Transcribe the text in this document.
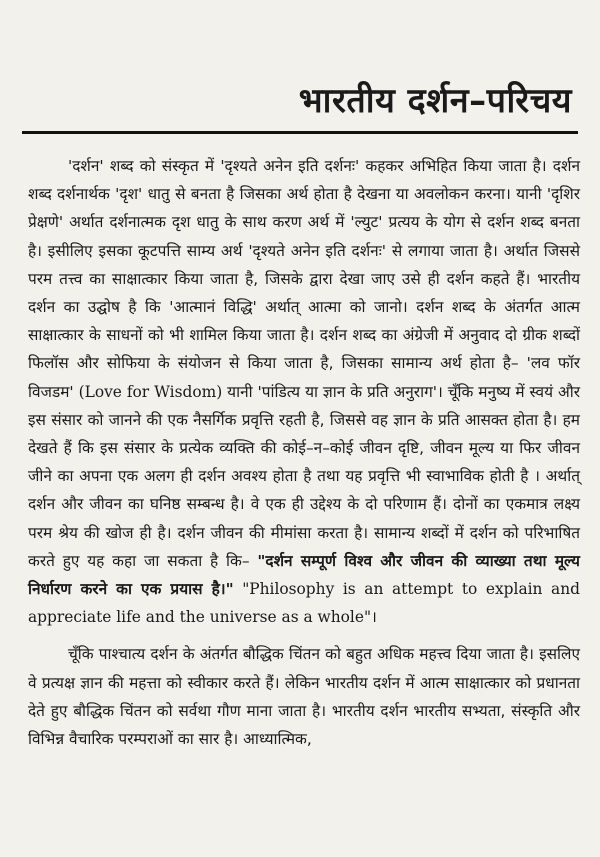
भारतीय दर्शन–परिचय

'दर्शन' शब्द को संस्कृत में 'दृश्यते अनेन इति दर्शनः' कहकर अभिहित किया जाता है। दर्शन शब्द दर्शनार्थक 'दृश' धातु से बनता है जिसका अर्थ होता है देखना या अवलोकन करना। यानी 'दृशिर प्रेक्षणे' अर्थात दर्शनात्मक दृश धातु के साथ करण अर्थ में 'ल्युट' प्रत्यय के योग से दर्शन शब्द बनता है। इसीलिए इसका कूटपत्ति साम्य अर्थ 'दृश्यते अनेन इति दर्शनः' से लगाया जाता है। अर्थात जिससे परम तत्त्व का साक्षात्कार किया जाता है, जिसके द्वारा देखा जाए उसे ही दर्शन कहते हैं। भारतीय दर्शन का उद्घोष है कि 'आत्मानं विद्धि' अर्थात् आत्मा को जानो। दर्शन शब्द के अंतर्गत आत्म साक्षात्कार के साधनों को भी शामिल किया जाता है। दर्शन शब्द का अंग्रेजी में अनुवाद दो ग्रीक शब्दों फिलॉस और सोफिया के संयोजन से किया जाता है, जिसका सामान्य अर्थ होता है– 'लव फॉर विजडम' (Love for Wisdom) यानी 'पांडित्य या ज्ञान के प्रति अनुराग'। चूँकि मनुष्य में स्वयं और इस संसार को जानने की एक नैसर्गिक प्रवृत्ति रहती है, जिससे वह ज्ञान के प्रति आसक्त होता है। हम देखते हैं कि इस संसार के प्रत्येक व्यक्ति की कोई–न–कोई जीवन दृष्टि, जीवन मूल्य या फिर जीवन जीने का अपना एक अलग ही दर्शन अवश्य होता है तथा यह प्रवृत्ति भी स्वाभाविक होती है । अर्थात् दर्शन और जीवन का घनिष्ठ सम्बन्ध है। वे एक ही उद्देश्य के दो परिणाम हैं। दोनों का एकमात्र लक्ष्य परम श्रेय की खोज ही है। दर्शन जीवन की मीमांसा करता है। सामान्य शब्दों में दर्शन को परिभाषित करते हुए यह कहा जा सकता है कि– "दर्शन सम्पूर्ण विश्व और जीवन की व्याख्या तथा मूल्य निर्धारण करने का एक प्रयास है।" "Philosophy is an attempt to explain and appreciate life and the universe as a whole"।

चूँकि पाश्चात्य दर्शन के अंतर्गत बौद्धिक चिंतन को बहुत अधिक महत्त्व दिया जाता है। इसलिए वे प्रत्यक्ष ज्ञान की महत्ता को स्वीकार करते हैं। लेकिन भारतीय दर्शन में आत्म साक्षात्कार को प्रधानता देते हुए बौद्धिक चिंतन को सर्वथा गौण माना जाता है। भारतीय दर्शन भारतीय सभ्यता, संस्कृति और विभिन्न वैचारिक परम्पराओं का सार है। आध्यात्मिक,
